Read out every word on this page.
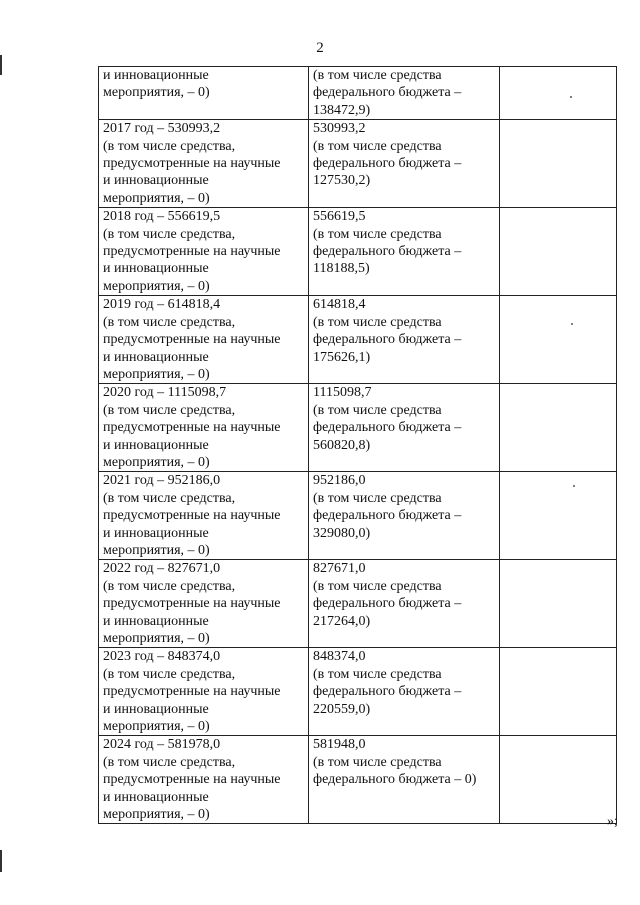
2
и инновационные
мероприятия, – 0)	(в том числе средства
федерального бюджета –
138472,9)	
2017 год – 530993,2
(в том числе средства,
предусмотренные на научные
и инновационные
мероприятия, – 0)	530993,2
(в том числе средства
федерального бюджета –
127530,2)	
2018 год – 556619,5
(в том числе средства,
предусмотренные на научные
и инновационные
мероприятия, – 0)	556619,5
(в том числе средства
федерального бюджета –
118188,5)	
2019 год – 614818,4
(в том числе средства,
предусмотренные на научные
и инновационные
мероприятия, – 0)	614818,4
(в том числе средства
федерального бюджета –
175626,1)	
2020 год – 1115098,7
(в том числе средства,
предусмотренные на научные
и инновационные
мероприятия, – 0)	1115098,7
(в том числе средства
федерального бюджета –
560820,8)	
2021 год – 952186,0
(в том числе средства,
предусмотренные на научные
и инновационные
мероприятия, – 0)	952186,0
(в том числе средства
федерального бюджета –
329080,0)	
2022 год – 827671,0
(в том числе средства,
предусмотренные на научные
и инновационные
мероприятия, – 0)	827671,0
(в том числе средства
федерального бюджета –
217264,0)	
2023 год – 848374,0
(в том числе средства,
предусмотренные на научные
и инновационные
мероприятия, – 0)	848374,0
(в том числе средства
федерального бюджета –
220559,0)	
2024 год – 581978,0
(в том числе средства,
предусмотренные на научные
и инновационные
мероприятия, – 0)	581948,0
(в том числе средства
федерального бюджета – 0)	
»;
